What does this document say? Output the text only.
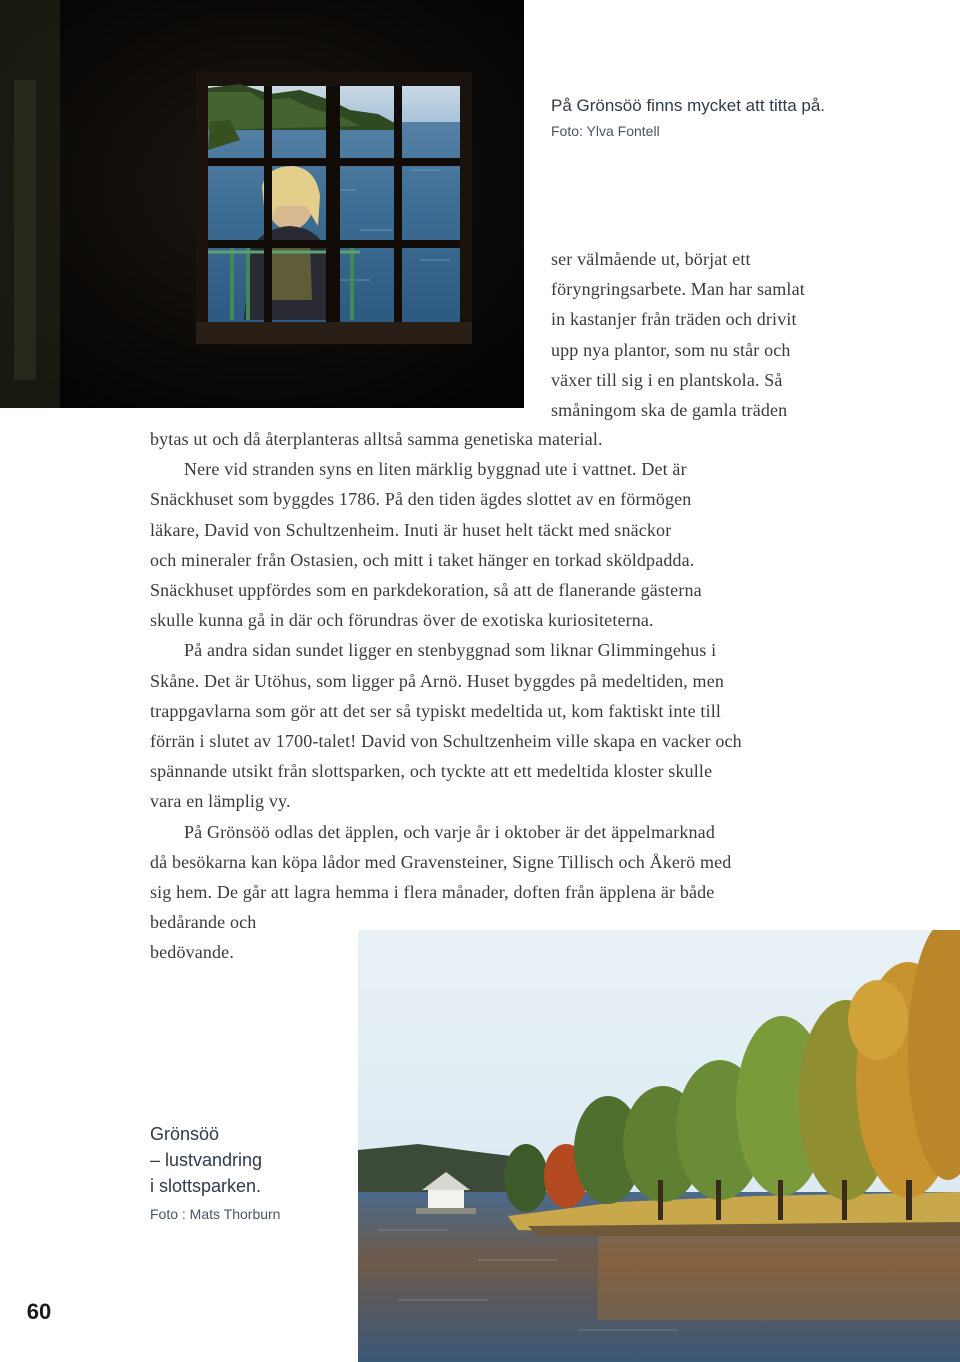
På Grönsöö finns mycket att titta på.
Foto: Ylva Fontell
ser välmående ut, börjat ett
föryngringsarbete. Man har samlat
in kastanjer från träden och drivit
upp nya plantor, som nu står och
växer till sig i en plantskola. Så
småningom ska de gamla träden
bytas ut och då återplanteras alltså samma genetiska material.
Nere vid stranden syns en liten märklig byggnad ute i vattnet. Det är
Snäckhuset som byggdes 1786. På den tiden ägdes slottet av en förmögen
läkare, David von Schultzenheim. Inuti är huset helt täckt med snäckor
och mineraler från Ostasien, och mitt i taket hänger en torkad sköldpadda.
Snäckhuset uppfördes som en parkdekoration, så att de flanerande gästerna
skulle kunna gå in där och förundras över de exotiska kuriositeterna.
På andra sidan sundet ligger en stenbyggnad som liknar Glimmingehus i
Skåne. Det är Utöhus, som ligger på Arnö. Huset byggdes på medeltiden, men
trappgavlarna som gör att det ser så typiskt medeltida ut, kom faktiskt inte till
förrän i slutet av 1700-talet! David von Schultzenheim ville skapa en vacker och
spännande utsikt från slottsparken, och tyckte att ett medeltida kloster skulle
vara en lämplig vy.
På Grönsöö odlas det äpplen, och varje år i oktober är det äppelmarknad
då besökarna kan köpa lådor med Gravensteiner, Signe Tillisch och Åkerö med
sig hem. De går att lagra hemma i flera månader, doften från äpplena är både
bedårande och
bedövande.
Grönsöö
– lustvandring
i slottsparken.
Foto : Mats Thorburn
60
